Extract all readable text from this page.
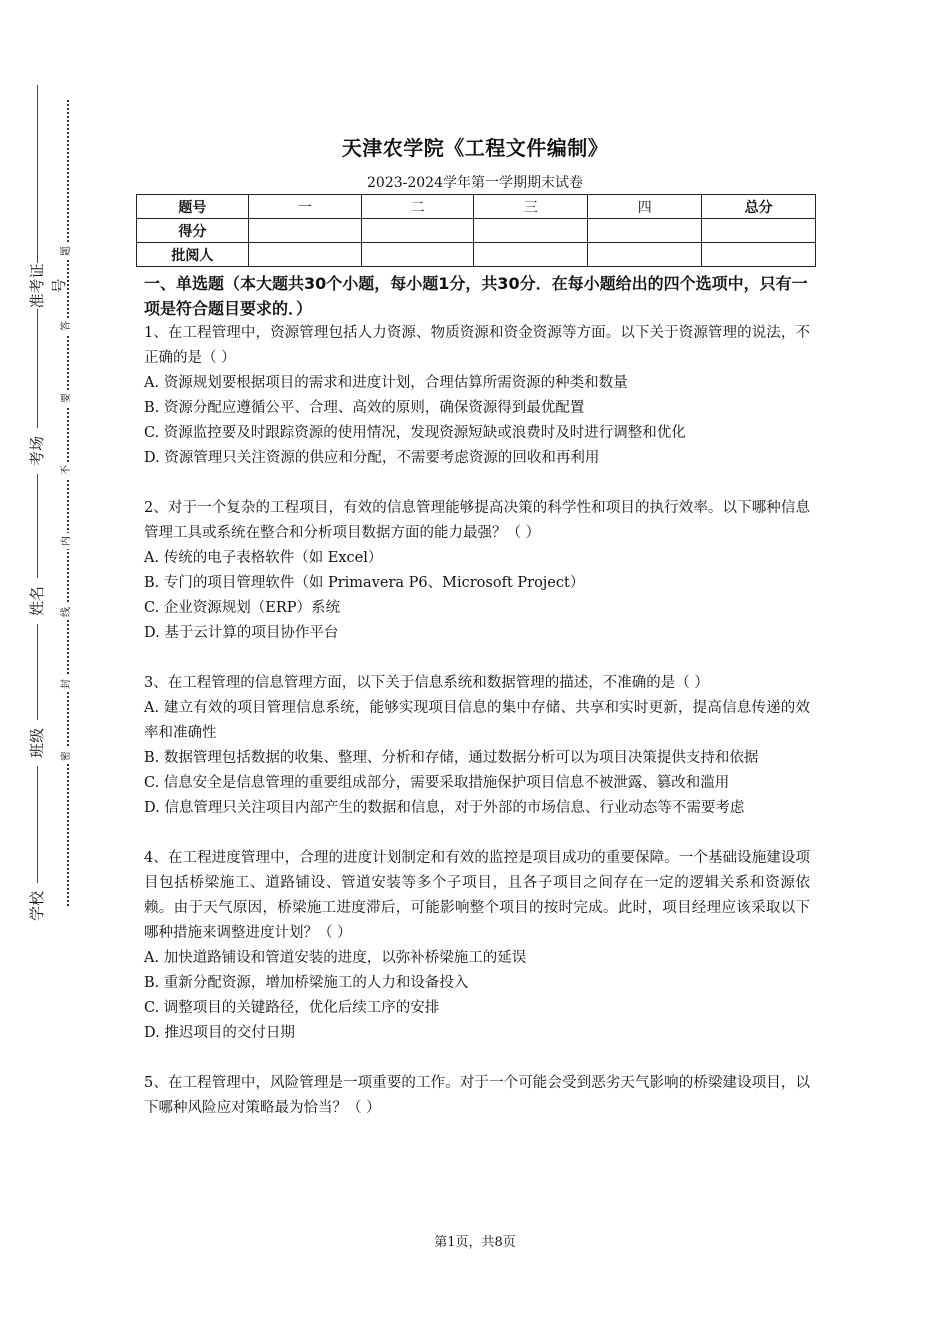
准考证号
考场
姓名
班级
学校
题
答
要
不
内
线
封
密
天津农学院《工程文件编制》
2023-2024学年第一学期期末试卷
题号	一	二	三	四	总分
得分					
批阅人					
一、单选题（本大题共30个小题，每小题1分，共30分．在每小题给出的四个选项中，只有一项是符合题目要求的．）
1、在工程管理中，资源管理包括人力资源、物质资源和资金资源等方面。以下关于资源管理的说法，不正确的是（ ）
A. 资源规划要根据项目的需求和进度计划，合理估算所需资源的种类和数量
B. 资源分配应遵循公平、合理、高效的原则，确保资源得到最优配置
C. 资源监控要及时跟踪资源的使用情况，发现资源短缺或浪费时及时进行调整和优化
D. 资源管理只关注资源的供应和分配，不需要考虑资源的回收和再利用
2、对于一个复杂的工程项目，有效的信息管理能够提高决策的科学性和项目的执行效率。以下哪种信息管理工具或系统在整合和分析项目数据方面的能力最强？（ ）
A. 传统的电子表格软件（如 Excel）
B. 专门的项目管理软件（如 Primavera P6、Microsoft Project）
C. 企业资源规划（ERP）系统
D. 基于云计算的项目协作平台
3、在工程管理的信息管理方面，以下关于信息系统和数据管理的描述，不准确的是（ ）
A. 建立有效的项目管理信息系统，能够实现项目信息的集中存储、共享和实时更新，提高信息传递的效率和准确性
B. 数据管理包括数据的收集、整理、分析和存储，通过数据分析可以为项目决策提供支持和依据
C. 信息安全是信息管理的重要组成部分，需要采取措施保护项目信息不被泄露、篡改和滥用
D. 信息管理只关注项目内部产生的数据和信息，对于外部的市场信息、行业动态等不需要考虑
4、在工程进度管理中，合理的进度计划制定和有效的监控是项目成功的重要保障。一个基础设施建设项目包括桥梁施工、道路铺设、管道安装等多个子项目，且各子项目之间存在一定的逻辑关系和资源依赖。由于天气原因，桥梁施工进度滞后，可能影响整个项目的按时完成。此时，项目经理应该采取以下哪种措施来调整进度计划？（ ）
A. 加快道路铺设和管道安装的进度，以弥补桥梁施工的延误
B. 重新分配资源，增加桥梁施工的人力和设备投入
C. 调整项目的关键路径，优化后续工序的安排
D. 推迟项目的交付日期
5、在工程管理中，风险管理是一项重要的工作。对于一个可能会受到恶劣天气影响的桥梁建设项目，以下哪种风险应对策略最为恰当？（ ）
第1页，共8页
